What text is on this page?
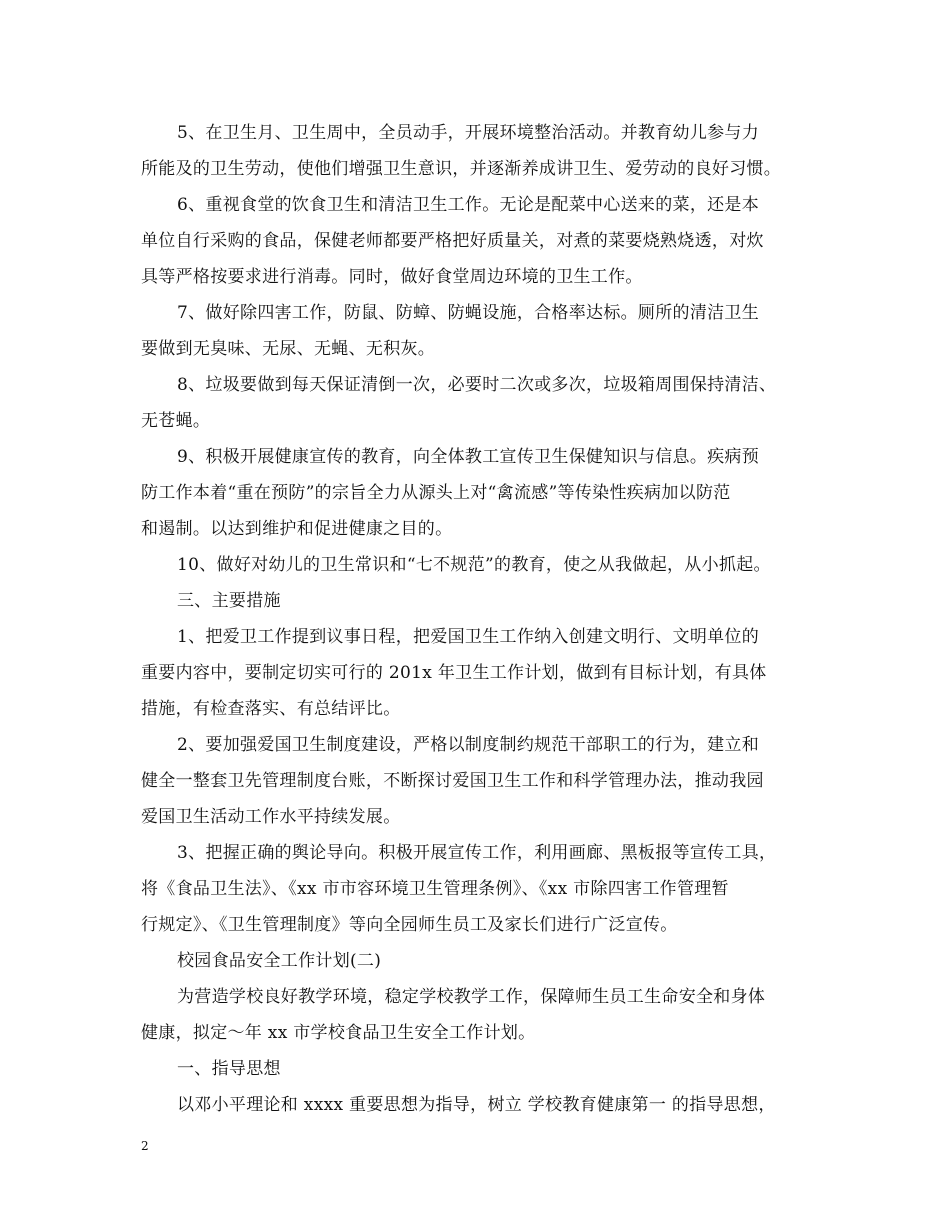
5、在卫生月、卫生周中，全员动手，开展环境整治活动。并教育幼儿参与力
所能及的卫生劳动，使他们增强卫生意识，并逐渐养成讲卫生、爱劳动的良好习惯。
6、重视食堂的饮食卫生和清洁卫生工作。无论是配菜中心送来的菜，还是本
单位自行采购的食品，保健老师都要严格把好质量关，对煮的菜要烧熟烧透，对炊
具等严格按要求进行消毒。同时，做好食堂周边环境的卫生工作。
7、做好除四害工作，防鼠、防蟑、防蝇设施，合格率达标。厕所的清洁卫生
要做到无臭味、无尿、无蝇、无积灰。
8、垃圾要做到每天保证清倒一次，必要时二次或多次，垃圾箱周围保持清洁、
无苍蝇。
9、积极开展健康宣传的教育，向全体教工宣传卫生保健知识与信息。疾病预
防工作本着“重在预防”的宗旨全力从源头上对“禽流感”等传染性疾病加以防范
和遏制。以达到维护和促进健康之目的。
10、做好对幼儿的卫生常识和“七不规范”的教育，使之从我做起，从小抓起。
三、主要措施
1、把爱卫工作提到议事日程，把爱国卫生工作纳入创建文明行、文明单位的
重要内容中，要制定切实可行的 201x 年卫生工作计划，做到有目标计划，有具体
措施，有检查落实、有总结评比。
2、要加强爱国卫生制度建设，严格以制度制约规范干部职工的行为，建立和
健全一整套卫先管理制度台账，不断探讨爱国卫生工作和科学管理办法，推动我园
爱国卫生活动工作水平持续发展。
3、把握正确的舆论导向。积极开展宣传工作，利用画廊、黑板报等宣传工具，
将《食品卫生法》、《xx 市市容环境卫生管理条例》、《xx 市除四害工作管理暂
行规定》、《卫生管理制度》等向全园师生员工及家长们进行广泛宣传。
校园食品安全工作计划(二)
为营造学校良好教学环境，稳定学校教学工作，保障师生员工生命安全和身体
健康，拟定～年 xx 市学校食品卫生安全工作计划。
一、指导思想
以邓小平理论和 xxxx 重要思想为指导，树立 学校教育健康第一 的指导思想，
2
